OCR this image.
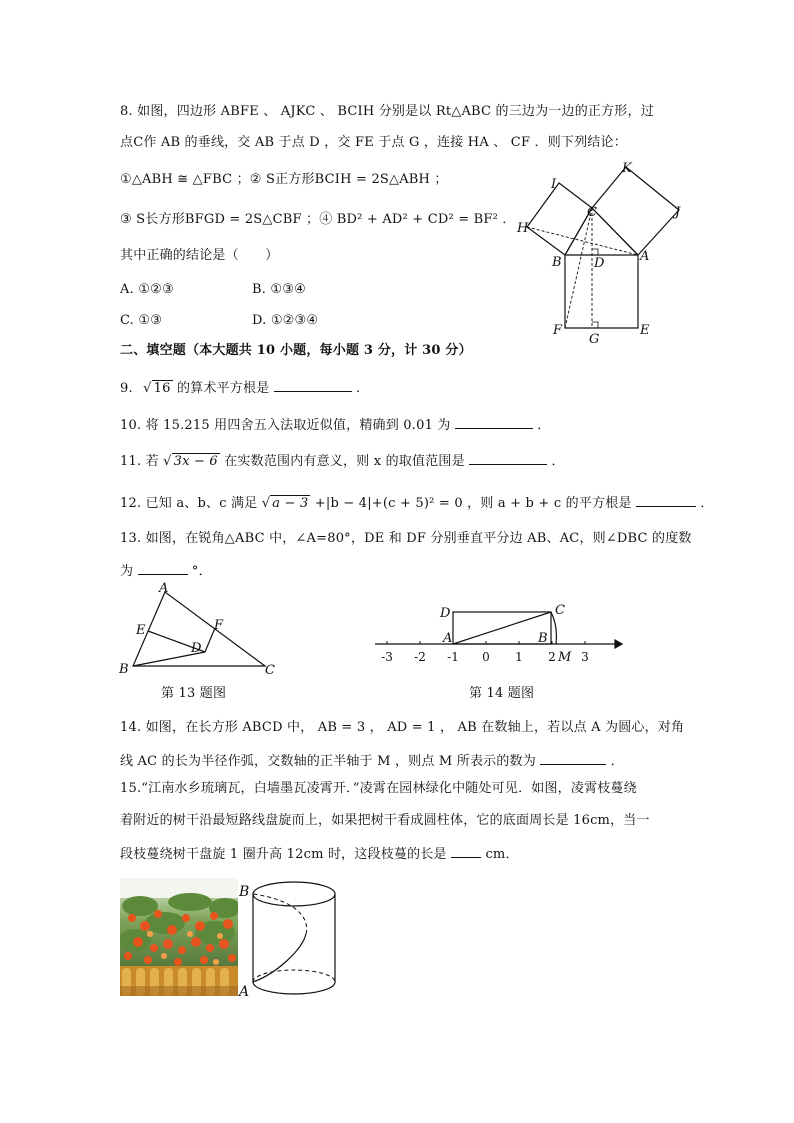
8. 如图，四边形 ABFE 、 AJKC 、 BCIH 分别是以 Rt△ABC 的三边为一边的正方形，过
点C作 AB 的垂线，交 AB 于点 D ，交 FE 于点 G ，连接 HA 、 CF ．则下列结论：
①△ABH ≅ △FBC ；② S正方形BCIH = 2S△ABH ；
③ S长方形BFGD = 2S△CBF ；④ BD² + AD² + CD² = BF² ．
其中正确的结论是（　　）
A. ①②③	B. ①③④
C. ①③	D. ①②③④
K
I
J
H
C
B D	A
F	E
G
二、填空题（本大题共 10 小题，每小题 3 分，计 30 分）
9. √ 16 的算术平方根是	．
10. 将 15.215 用四舍五入法取近似值，精确到 0.01 为	．
11. 若 √ 3x − 6 在实数范围内有意义，则 x 的取值范围是	．
12. 已知 a、b、c 满足 √ a − 3 +|b − 4|+(c + 5)² = 0 ，则 a + b + c 的平方根是	．
13. 如图，在锐角△ABC 中，∠A=80°，DE 和 DF 分别垂直平分边 AB、AC，则∠DBC 的度数
为	°．
A
E	F
D
B	C
第 13 题图
-3 -2 -1 0 1 2 3
D	C
A	B
M
第 14 题图
14. 如图，在长方形 ABCD 中， AB = 3 ， AD = 1 ， AB 在数轴上，若以点 A 为圆心，对角
线 AC 的长为半径作弧，交数轴的正半轴于 M ，则点 M 所表示的数为	．
15.“江南水乡琉璃瓦，白墙墨瓦凌霄开．”凌霄在园林绿化中随处可见．如图，凌霄枝蔓绕
着附近的树干沿最短路线盘旋而上，如果把树干看成圆柱体，它的底面周长是 16cm，当一
段枝蔓绕树干盘旋 1 圈升高 12cm 时，这段枝蔓的长是	cm．
B
A
